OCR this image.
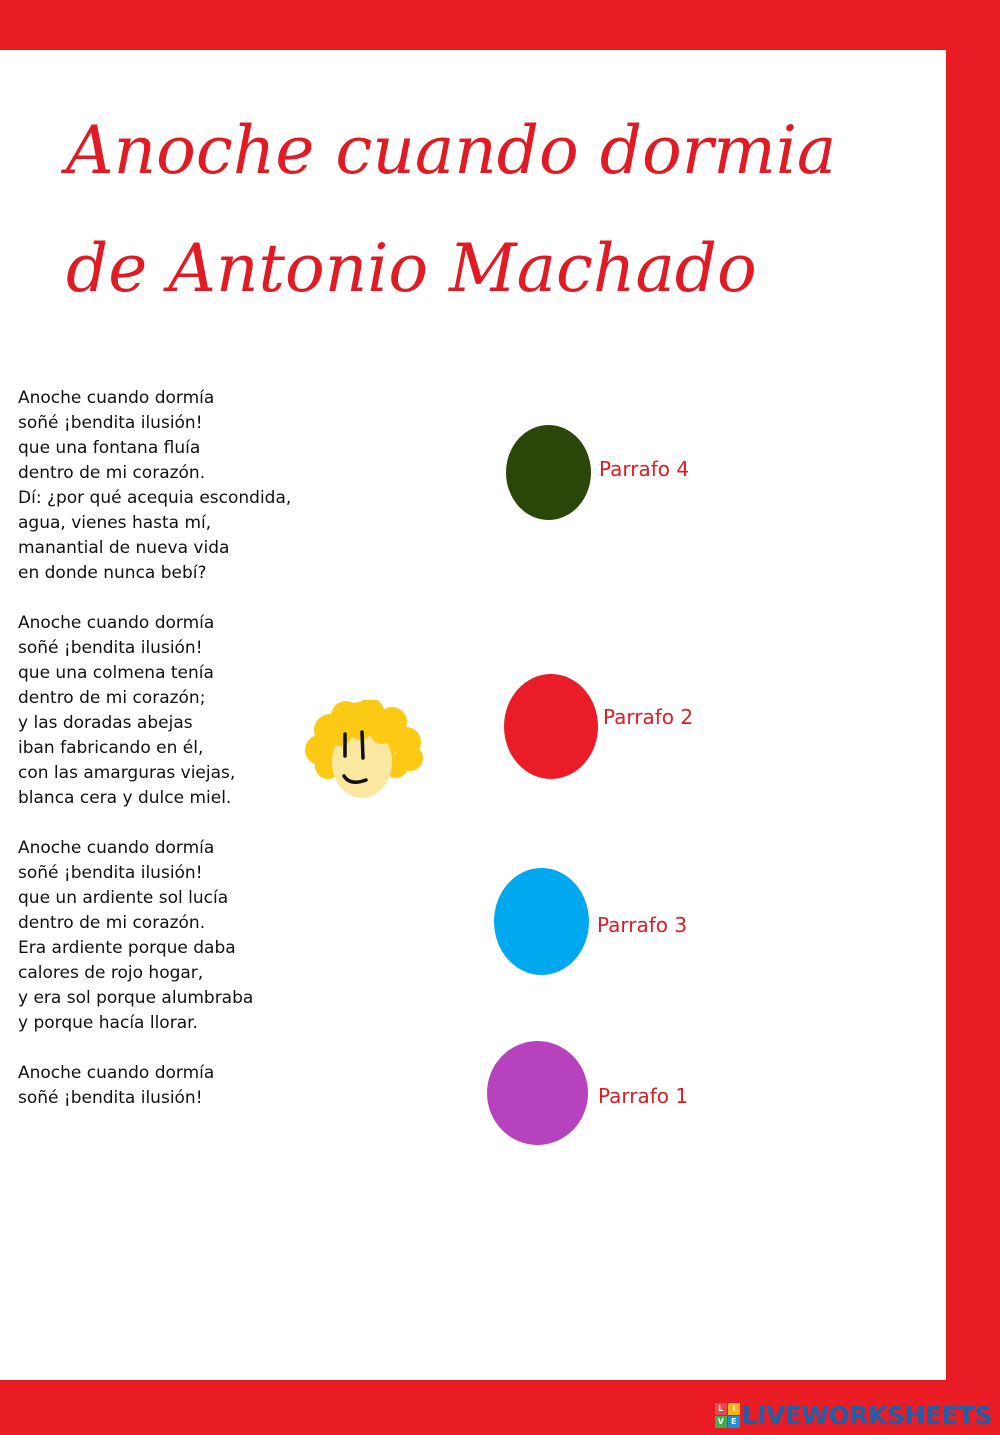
Anoche cuando dormia
de Antonio Machado
Anoche cuando dormía
soñé ¡bendita ilusión!
que una fontana fluía
dentro de mi corazón.
Dí: ¿por qué acequia escondida,
agua, vienes hasta mí,
manantial de nueva vida
en donde nunca bebí?
Anoche cuando dormía
soñé ¡bendita ilusión!
que una colmena tenía
dentro de mi corazón;
y las doradas abejas
iban fabricando en él,
con las amarguras viejas,
blanca cera y dulce miel.
Anoche cuando dormía
soñé ¡bendita ilusión!
que un ardiente sol lucía
dentro de mi corazón.
Era ardiente porque daba
calores de rojo hogar,
y era sol porque alumbraba
y porque hacía llorar.
Anoche cuando dormía
soñé ¡bendita ilusión!
Parrafo 4
Parrafo 2
Parrafo 3
Parrafo 1
L	I
V E LIVEWORKSHEETS
